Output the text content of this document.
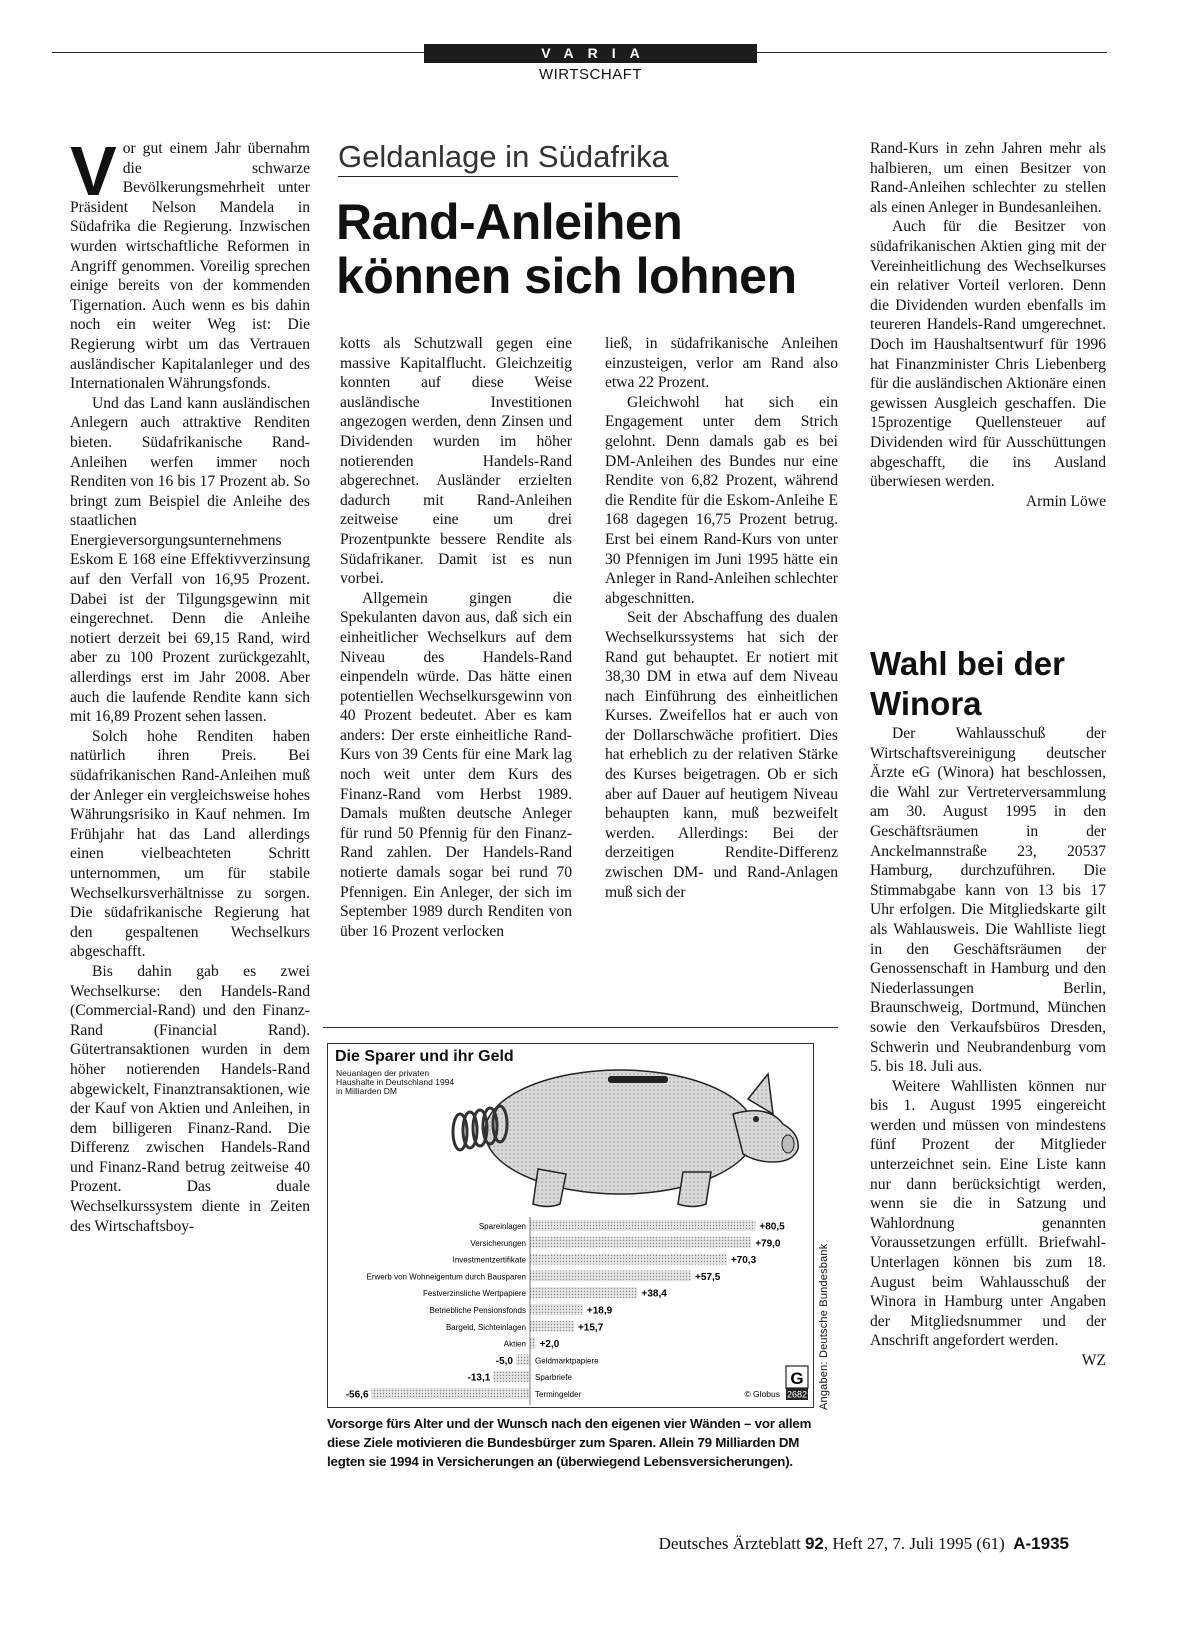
VARIA
WIRTSCHAFT

Vor gut einem Jahr übernahm die schwarze Bevölkerungsmehrheit unter Präsident Nelson Mandela in Südafrika die Regierung. Inzwischen wurden wirtschaftliche Reformen in Angriff genommen. Voreilig sprechen einige bereits von der kommenden Tigernation. Auch wenn es bis dahin noch ein weiter Weg ist: Die Regierung wirbt um das Vertrauen ausländischer Kapitalanleger und des Internationalen Währungsfonds.

Und das Land kann ausländischen Anlegern auch attraktive Renditen bieten. Südafrikanische Rand-Anleihen werfen immer noch Renditen von 16 bis 17 Prozent ab. So bringt zum Beispiel die Anleihe des staatlichen Energieversorgungsunternehmens Eskom E 168 eine Effektivverzinsung auf den Verfall von 16,95 Prozent. Dabei ist der Tilgungsgewinn mit eingerechnet. Denn die Anleihe notiert derzeit bei 69,15 Rand, wird aber zu 100 Prozent zurückgezahlt, allerdings erst im Jahr 2008. Aber auch die laufende Rendite kann sich mit 16,89 Prozent sehen lassen.

Solch hohe Renditen haben natürlich ihren Preis. Bei südafrikanischen Rand-Anleihen muß der Anleger ein vergleichsweise hohes Währungsrisiko in Kauf nehmen. Im Frühjahr hat das Land allerdings einen vielbeachteten Schritt unternommen, um für stabile Wechselkursverhältnisse zu sorgen. Die südafrikanische Regierung hat den gespaltenen Wechselkurs abgeschafft.

Bis dahin gab es zwei Wechselkurse: den Handels-Rand (Commercial-Rand) und den Finanz-Rand (Financial Rand). Gütertransaktionen wurden in dem höher notierenden Handels-Rand abgewickelt, Finanztransaktionen, wie der Kauf von Aktien und Anleihen, in dem billigeren Finanz-Rand. Die Differenz zwischen Handels-Rand und Finanz-Rand betrug zeitweise 40 Prozent. Das duale Wechselkurssystem diente in Zeiten des Wirtschaftsboy-

Geldanlage in Südafrika
Rand-Anleihen können sich lohnen

kotts als Schutzwall gegen eine massive Kapitalflucht. Gleichzeitig konnten auf diese Weise ausländische Investitionen angezogen werden, denn Zinsen und Dividenden wurden im höher notierenden Handels-Rand abgerechnet. Ausländer erzielten dadurch mit Rand-Anleihen zeitweise eine um drei Prozentpunkte bessere Rendite als Südafrikaner. Damit ist es nun vorbei.

Allgemein gingen die Spekulanten davon aus, daß sich ein einheitlicher Wechselkurs auf dem Niveau des Handels-Rand einpendeln würde. Das hätte einen potentiellen Wechselkursgewinn von 40 Prozent bedeutet. Aber es kam anders: Der erste einheitliche Rand-Kurs von 39 Cents für eine Mark lag noch weit unter dem Kurs des Finanz-Rand vom Herbst 1989. Damals mußten deutsche Anleger für rund 50 Pfennig für den Finanz-Rand zahlen. Der Handels-Rand notierte damals sogar bei rund 70 Pfennigen. Ein Anleger, der sich im September 1989 durch Renditen von über 16 Prozent verlocken

ließ, in südafrikanische Anleihen einzusteigen, verlor am Rand also etwa 22 Prozent.

Gleichwohl hat sich ein Engagement unter dem Strich gelohnt. Denn damals gab es bei DM-Anleihen des Bundes nur eine Rendite von 6,82 Prozent, während die Rendite für die Eskom-Anleihe E 168 dagegen 16,75 Prozent betrug. Erst bei einem Rand-Kurs von unter 30 Pfennigen im Juni 1995 hätte ein Anleger in Rand-Anleihen schlechter abgeschnitten.

Seit der Abschaffung des dualen Wechselkurssystems hat sich der Rand gut behauptet. Er notiert mit 38,30 DM in etwa auf dem Niveau nach Einführung des einheitlichen Kurses. Zweifellos hat er auch von der Dollarschwäche profitiert. Dies hat erheblich zu der relativen Stärke des Kurses beigetragen. Ob er sich aber auf Dauer auf heutigem Niveau behaupten kann, muß bezweifelt werden. Allerdings: Bei der derzeitigen Rendite-Differenz zwischen DM- und Rand-Anlagen muß sich der

Rand-Kurs in zehn Jahren mehr als halbieren, um einen Besitzer von Rand-Anleihen schlechter zu stellen als einen Anleger in Bundesanleihen.

Auch für die Besitzer von südafrikanischen Aktien ging mit der Vereinheitlichung des Wechselkurses ein relativer Vorteil verloren. Denn die Dividenden wurden ebenfalls im teureren Handels-Rand umgerechnet. Doch im Haushaltsentwurf für 1996 hat Finanzminister Chris Liebenberg für die ausländischen Aktionäre einen gewissen Ausgleich geschaffen. Die 15prozentige Quellensteuer auf Dividenden wird für Ausschüttungen abgeschafft, die ins Ausland überwiesen werden.

Armin Löwe

Wahl bei der Winora

Der Wahlausschuß der Wirtschaftsvereinigung deutscher Ärzte eG (Winora) hat beschlossen, die Wahl zur Vertreterversammlung am 30. August 1995 in den Geschäftsräumen in der Anckelmannstraße 23, 20537 Hamburg, durchzuführen. Die Stimmabgabe kann von 13 bis 17 Uhr erfolgen. Die Mitgliedskarte gilt als Wahlausweis. Die Wahlliste liegt in den Geschäftsräumen der Genossenschaft in Hamburg und den Niederlassungen Berlin, Braunschweig, Dortmund, München sowie den Verkaufsbüros Dresden, Schwerin und Neubrandenburg vom 5. bis 18. Juli aus.

Weitere Wahllisten können nur bis 1. August 1995 eingereicht werden und müssen von mindestens fünf Prozent der Mitglieder unterzeichnet sein. Eine Liste kann nur dann berücksichtigt werden, wenn sie die in Satzung und Wahlordnung genannten Voraussetzungen erfüllt. Briefwahl-Unterlagen können bis zum 18. August beim Wahlausschuß der Winora in Hamburg unter Angaben der Mitgliedsnummer und der Anschrift angefordert werden.

WZ

Die Sparer und ihr Geld
Neuanlagen der privaten Haushalte in Deutschland 1994 in Milliarden DM
Spareinlagen	+80,5
Versicherungen	+79,0
Investmentzertifikate	+70,3
Erwerb von Wohneigentum durch Bausparen	+57,5
Festverzinsliche Wertpapiere	+38,4
Betriebliche Pensionsfonds	+18,9
Bargeld, Sichteinlagen	+15,7
Aktien +2,0
Geldmarktpapiere
-5,0
Sparbriefe
-13,1
Termingelder
-56,6
G
2682
© Globus	Angaben: Deutsche Bundesbank

Vorsorge fürs Alter und der Wunsch nach den eigenen vier Wänden – vor allem diese Ziele motivieren die Bundesbürger zum Sparen. Allein 79 Milliarden DM legten sie 1994 in Versicherungen an (überwiegend Lebensversicherungen).

Deutsches Ärzteblatt 92, Heft 27, 7. Juli 1995 (61) A-1935
